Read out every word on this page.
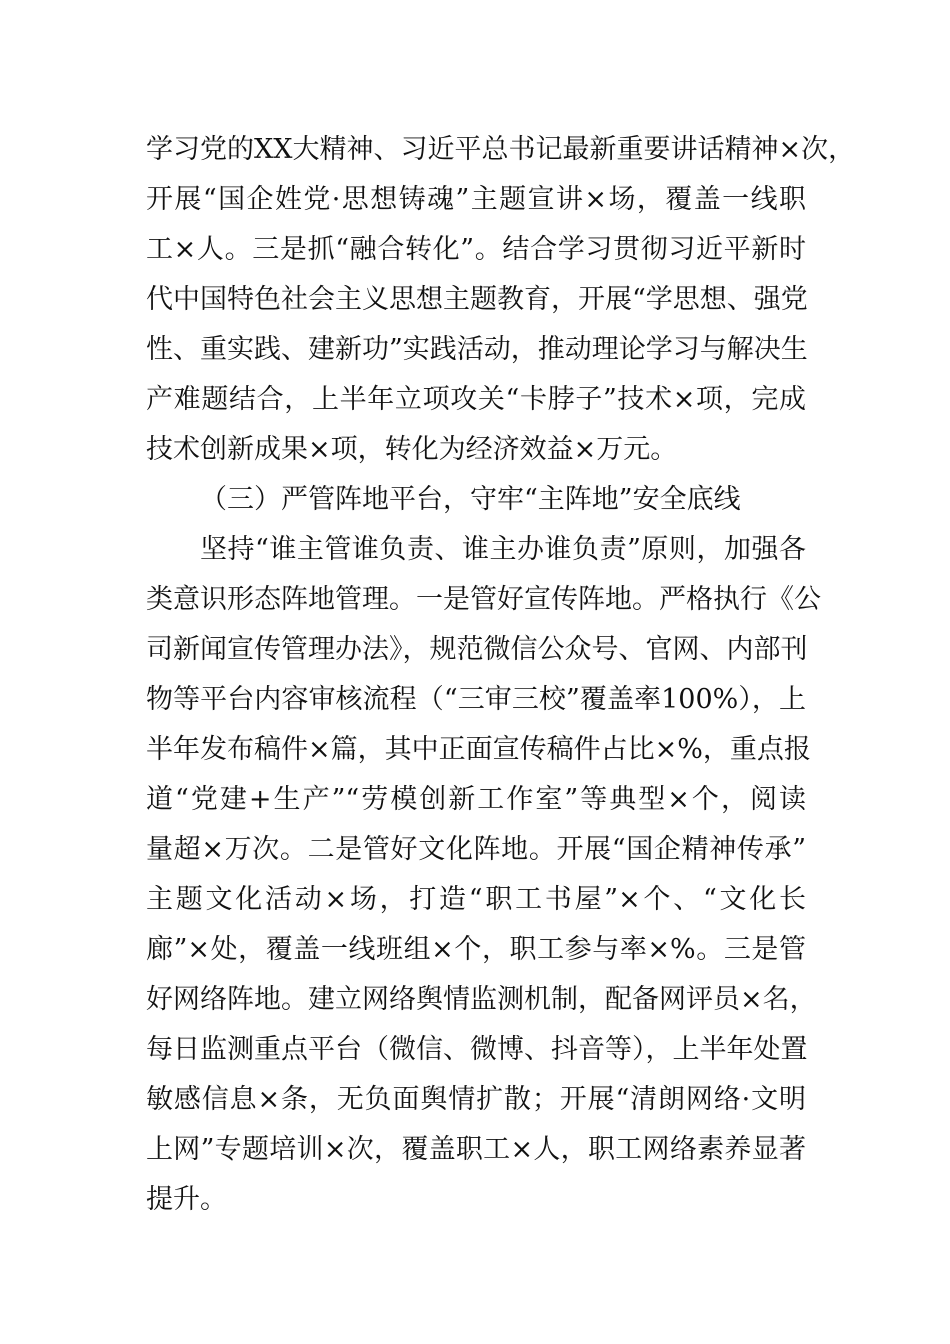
学习党的XX大精神、习近平总书记最新重要讲话精神×次，
开展“国企姓党·思想铸魂”主题宣讲×场，覆盖一线职
工×人。三是抓“融合转化”。结合学习贯彻习近平新时
代中国特色社会主义思想主题教育，开展“学思想、强党
性、重实践、建新功”实践活动，推动理论学习与解决生
产难题结合，上半年立项攻关“卡脖子”技术×项，完成
技术创新成果×项，转化为经济效益×万元。
（三）严管阵地平台，守牢“主阵地”安全底线
坚持“谁主管谁负责、谁主办谁负责”原则，加强各
类意识形态阵地管理。一是管好宣传阵地。严格执行《公
司新闻宣传管理办法》，规范微信公众号、官网、内部刊
物等平台内容审核流程（“三审三校”覆盖率100%），上
半年发布稿件×篇，其中正面宣传稿件占比×%，重点报
道“党建+生产”“劳模创新工作室”等典型×个，阅读
量超×万次。二是管好文化阵地。开展“国企精神传承”
主题文化活动×场，打造“职工书屋”×个、“文化长
廊”×处，覆盖一线班组×个，职工参与率×%。三是管
好网络阵地。建立网络舆情监测机制，配备网评员×名，
每日监测重点平台（微信、微博、抖音等），上半年处置
敏感信息×条，无负面舆情扩散；开展“清朗网络·文明
上网”专题培训×次，覆盖职工×人，职工网络素养显著
提升。
